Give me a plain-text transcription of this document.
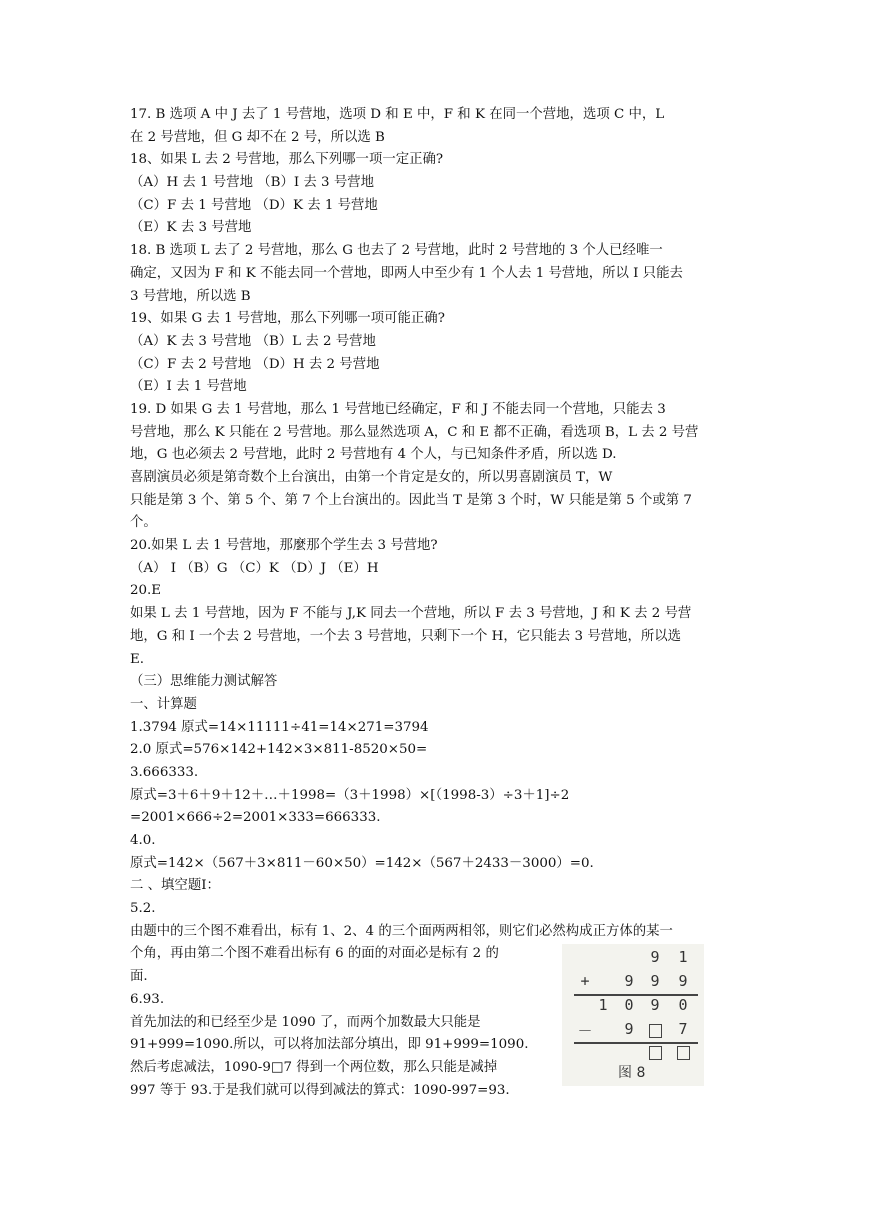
17. B 选项 A 中 J 去了 1 号营地，选项 D 和 E 中，F 和 K 在同一个营地，选项 C 中，L
在 2 号营地，但 G 却不在 2 号，所以选 B
18、如果 L 去 2 号营地，那么下列哪一项一定正确?
（A）H 去 1 号营地 （B）I 去 3 号营地
（C）F 去 1 号营地 （D）K 去 1 号营地
（E）K 去 3 号营地
18. B 选项 L 去了 2 号营地，那么 G 也去了 2 号营地，此时 2 号营地的 3 个人已经唯一
确定，又因为 F 和 K 不能去同一个营地，即两人中至少有 1 个人去 1 号营地，所以 I 只能去
3 号营地，所以选 B
19、如果 G 去 1 号营地，那么下列哪一项可能正确?
（A）K 去 3 号营地 （B）L 去 2 号营地
（C）F 去 2 号营地 （D）H 去 2 号营地
（E）I 去 1 号营地
19. D 如果 G 去 1 号营地，那么 1 号营地已经确定，F 和 J 不能去同一个营地，只能去 3
号营地，那么 K 只能在 2 号营地。那么显然选项 A，C 和 E 都不正确，看选项 B，L 去 2 号营
地，G 也必须去 2 号营地，此时 2 号营地有 4 个人，与已知条件矛盾，所以选 D.
喜剧演员必须是第奇数个上台演出，由第一个肯定是女的，所以男喜剧演员 T，W
只能是第 3 个、第 5 个、第 7 个上台演出的。因此当 T 是第 3 个时，W 只能是第 5 个或第 7
个。
20.如果 L 去 1 号营地，那麼那个学生去 3 号营地?
（A） I （B）G （C）K （D）J （E）H
20.E
如果 L 去 1 号营地，因为 F 不能与 J,K 同去一个营地，所以 F 去 3 号营地，J 和 K 去 2 号营
地，G 和 I 一个去 2 号营地，一个去 3 号营地，只剩下一个 H，它只能去 3 号营地，所以选
E.
（三）思维能力测试解答
一、计算题
1.3794 原式=14×11111÷41=14×271=3794
2.0 原式=576×142+142×3×811-8520×50=
3.666333.
原式=3＋6＋9＋12＋…＋1998=（3＋1998）×[（1998-3）÷3＋1]÷2
=2001×666÷2=2001×333=666333.
4.0.
原式=142×（567＋3×811－60×50）=142×（567＋2433－3000）=0.
二 、填空题Ⅰ：
5.2.
由题中的三个图不难看出，标有 1、2、4 的三个面两两相邻，则它们必然构成正方体的某一
个角，再由第二个图不难看出标有 6 的面的对面必是标有 2 的
面.
6.93.
首先加法的和已经至少是 1090 了，而两个加数最大只能是
91+999=1090.所以，可以将加法部分填出，即 91+999=1090.
然后考虑减法，1090-9□7 得到一个两位数，那么只能是减掉
997 等于 93.于是我们就可以得到减法的算式：1090-997=93.
9 1
+ 9 9 9
1 0 9 0
－ 9	7
图 8
